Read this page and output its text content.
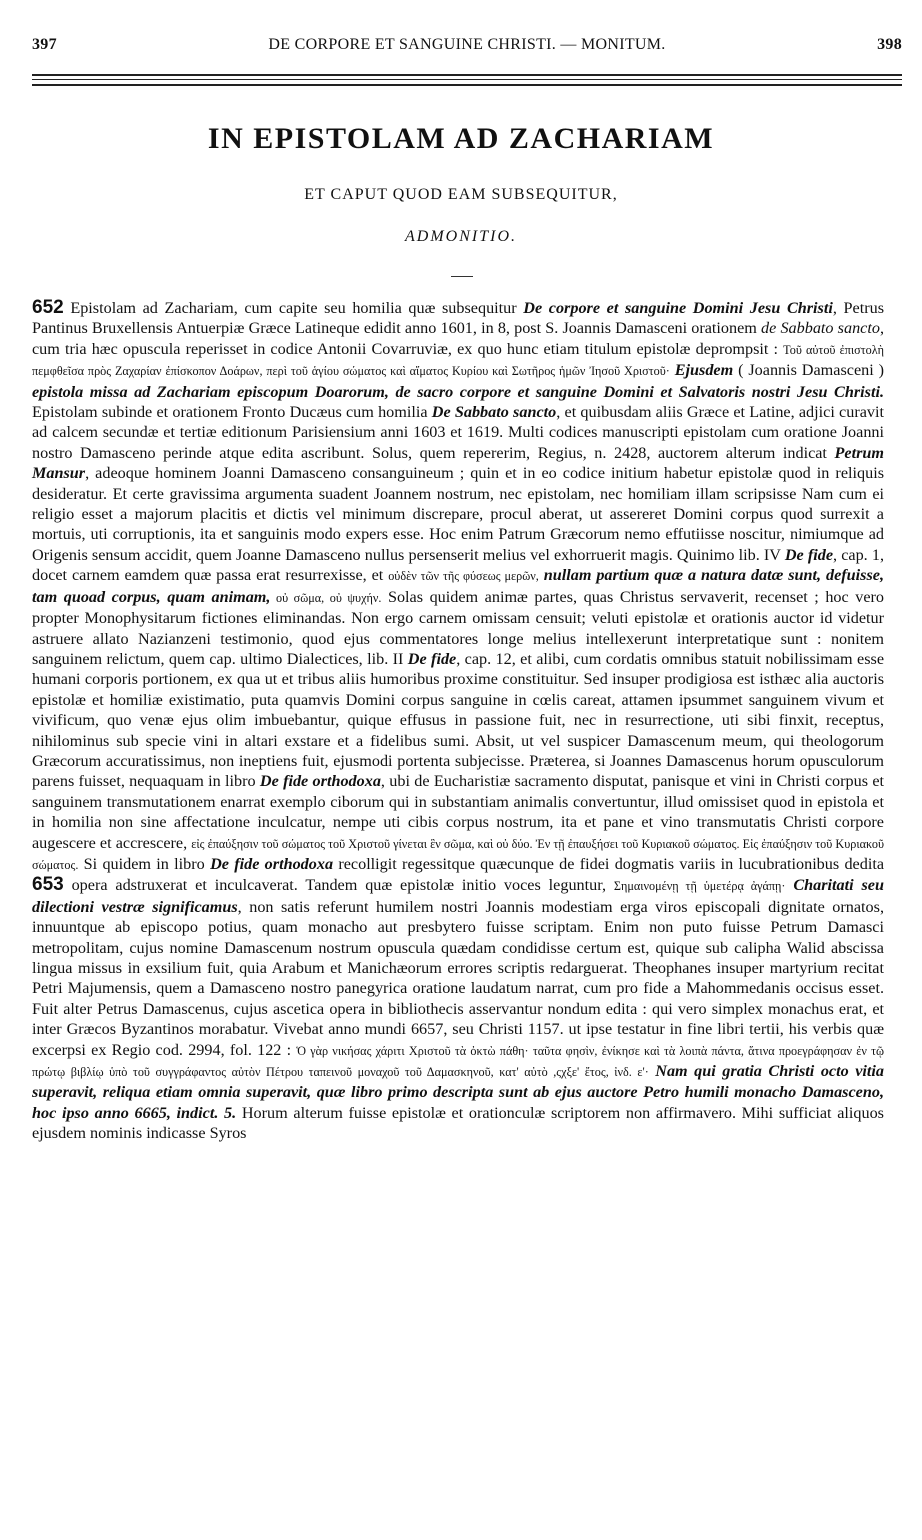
397	DE CORPORE ET SANGUINE CHRISTI. — MONITUM.	398
IN EPISTOLAM AD ZACHARIAM
ET CAPUT QUOD EAM SUBSEQUITUR,
ADMONITIO.

652 Epistolam ad Zachariam, cum capite seu homilia quæ subsequitur De corpore et sanguine Domini Jesu Christi, Petrus Pantinus Bruxellensis Antuerpiæ Græce Latineque edidit anno 1601, in 8, post S. Joannis Damasceni orationem de Sabbato sancto, cum tria hæc opuscula reperisset in codice Antonii Covarruviæ, ex quo hunc etiam titulum epistolæ deprompsit : Τοῦ αὐτοῦ ἐπιστολὴ πεμφθεῖσα πρὸς Ζαχαρίαν ἐπίσκοπον Δοάρων, περὶ τοῦ ἁγίου σώματος καὶ αἵματος Κυρίου καὶ Σωτῆρος ἡμῶν Ἰησοῦ Χριστοῦ· Ejusdem ( Joannis Damasceni ) epistola missa ad Zachariam episcopum Doarorum, de sacro corpore et sanguine Domini et Salvatoris nostri Jesu Christi. Epistolam subinde et orationem Fronto Ducæus cum homilia De Sabbato sancto, et quibusdam aliis Græce et Latine, adjici curavit ad calcem secundæ et tertiæ editionum Parisiensium anni 1603 et 1619. Multi codices manuscripti epistolam cum oratione Joanni nostro Damasceno perinde atque edita ascribunt. Solus, quem repererim, Regius, n. 2428, auctorem alterum indicat Petrum Mansur, adeoque hominem Joanni Damasceno consanguineum ; quin et in eo codice initium habetur epistolæ quod in reliquis desideratur. Et certe gravissima argumenta suadent Joannem nostrum, nec epistolam, nec homiliam illam scripsisse Nam cum ei religio esset a majorum placitis et dictis vel minimum discrepare, procul aberat, ut assereret Domini corpus quod surrexit a mortuis, uti corruptionis, ita et sanguinis modo expers esse. Hoc enim Patrum Græcorum nemo effutiisse noscitur, nimiumque ad Origenis sensum accidit, quem Joanne Damasceno nullus persenserit melius vel exhorruerit magis. Quinimo lib. IV De fide, cap. 1, docet carnem eamdem quæ passa erat resurrexisse, et οὐδὲν τῶν τῆς φύσεως μερῶν, nullam partium quæ a natura datæ sunt, defuisse, tam quoad corpus, quam animam, οὐ σῶμα, οὐ ψυχήν. Solas quidem animæ partes, quas Christus servaverit, recenset ; hoc vero propter Monophysitarum fictiones eliminandas. Non ergo carnem omissam censuit; veluti epistolæ et orationis auctor id videtur astruere allato Nazianzeni testimonio, quod ejus commentatores longe melius intellexerunt interpretatique sunt : nonitem sanguinem relictum, quem cap. ultimo Dialectices, lib. II De fide, cap. 12, et alibi, cum cordatis omnibus statuit nobilissimam esse humani corporis portionem, ex qua ut et tribus aliis humoribus proxime constituitur. Sed insuper prodigiosa est isthæc alia auctoris epistolæ et homiliæ existimatio, puta quamvis Domini corpus sanguine in cœlis careat, attamen ipsummet sanguinem vivum et vivificum, quo venæ ejus olim imbuebantur, quique effusus in passione fuit, nec in resurrectione, uti sibi finxit, receptus, nihilominus sub specie vini in altari exstare et a fidelibus sumi. Absit, ut vel suspicer Damascenum meum, qui theologorum Græcorum accuratissimus, non ineptiens fuit, ejusmodi portenta subjecisse. Præterea, si Joannes Damascenus horum opusculorum parens fuisset, nequaquam in libro De fide orthodoxa, ubi de Eucharistiæ sacramento disputat, panisque et vini in Christi corpus et sanguinem transmutationem enarrat exemplo ciborum qui in substantiam animalis convertuntur, illud omissiset quod in epistola et in homilia non sine affectatione inculcatur, nempe uti cibis corpus nostrum, ita et pane et vino transmutatis Christi corpore augescere et accrescere, εἰς ἐπαύξησιν τοῦ σώματος τοῦ Χριστοῦ γίνεται ἓν σῶμα, καὶ οὐ δύο. Ἐν τῇ ἐπαυξήσει τοῦ Κυριακοῦ σώματος. Εἰς ἐπαύξησιν τοῦ Κυριακοῦ σώματος. Si quidem in libro De fide orthodoxa recolligit regessitque quæcunque de fidei dogmatis variis in lucubrationibus dedita 653 opera adstruxerat et inculcaverat. Tandem quæ epistolæ initio voces leguntur, Σημαινομένῃ τῇ ὑμετέρᾳ ἀγάπῃ· Charitati seu dilectioni vestræ significamus, non satis referunt humilem nostri Joannis modestiam erga viros episcopali dignitate ornatos, innuuntque ab episcopo potius, quam monacho aut presbytero fuisse scriptam. Enim non puto fuisse Petrum Damasci metropolitam, cujus nomine Damascenum nostrum opuscula quædam condidisse certum est, quique sub calipha Walid abscissa lingua missus in exsilium fuit, quia Arabum et Manichæorum errores scriptis redarguerat. Theophanes insuper martyrium recitat Petri Majumensis, quem a Damasceno nostro panegyrica oratione laudatum narrat, cum pro fide a Mahommedanis occisus esset. Fuit alter Petrus Damascenus, cujus ascetica opera in bibliothecis asservantur nondum edita : qui vero simplex monachus erat, et inter Græcos Byzantinos morabatur. Vivebat anno mundi 6657, seu Christi 1157. ut ipse testatur in fine libri tertii, his verbis quæ excerpsi ex Regio cod. 2994, fol. 122 : Ὁ γὰρ νικήσας χάριτι Χριστοῦ τὰ ὀκτὼ πάθη· ταῦτα φησὶν, ἐνίκησε καὶ τὰ λοιπὰ πάντα, ἅτινα προεγράφησαν ἐν τῷ πρώτῳ βιβλίῳ ὑπὸ τοῦ συγγράφαντος αὐτὸν Πέτρου ταπεινοῦ μοναχοῦ τοῦ Δαμασκηνοῦ, κατ' αὐτὸ ,ςχξε' ἔτος, ἰνδ. ε'· Nam qui gratia Christi octo vitia superavit, reliqua etiam omnia superavit, quæ libro primo descripta sunt ab ejus auctore Petro humili monacho Damasceno, hoc ipso anno 6665, indict. 5. Horum alterum fuisse epistolæ et orationculæ scriptorem non affirmavero. Mihi sufficiat aliquos ejusdem nominis indicasse Syros
